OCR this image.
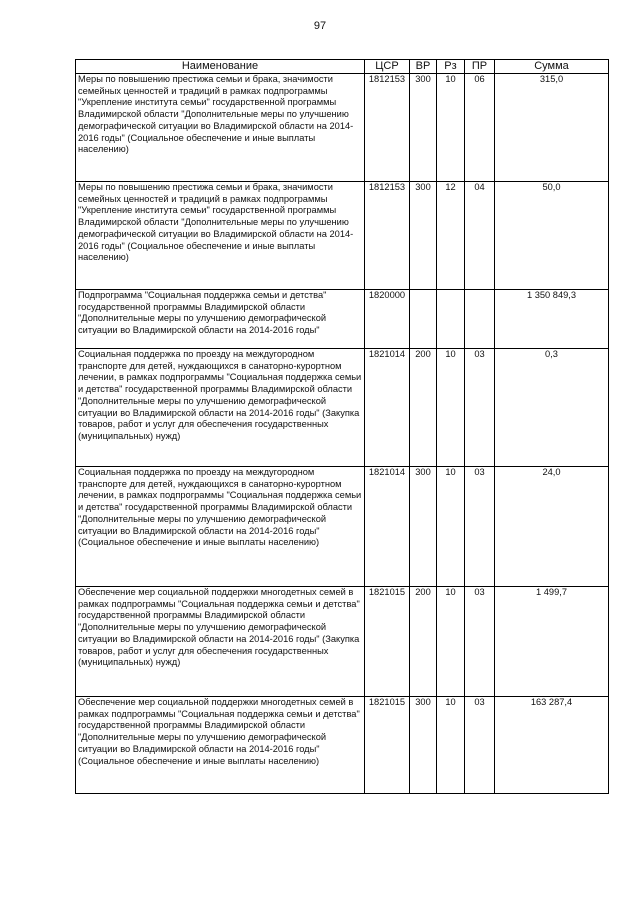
97
Наименование	ЦСР	ВР	Рз	ПР	Сумма
Меры по повышению престижа семьи и брака, значимости семейных ценностей и традиций в рамках подпрограммы "Укрепление института семьи" государственной программы Владимирской области "Дополнительные меры по улучшению демографической ситуации во Владимирской области на 2014-2016 годы" (Социальное обеспечение и иные выплаты населению)	1812153	300	10	06	315,0
Меры по повышению престижа семьи и брака, значимости семейных ценностей и традиций в рамках подпрограммы "Укрепление института семьи" государственной программы Владимирской области "Дополнительные меры по улучшению демографической ситуации во Владимирской области на 2014-2016 годы" (Социальное обеспечение и иные выплаты населению)	1812153	300	12	04	50,0
Подпрограмма "Социальная поддержка семьи и детства" государственной программы Владимирской области "Дополнительные меры по улучшению демографической ситуации во Владимирской области на 2014-2016 годы"	1820000				1 350 849,3
Социальная поддержка по проезду на междугородном транспорте для детей, нуждающихся в санаторно-курортном лечении, в рамках подпрограммы "Социальная поддержка семьи и детства" государственной программы Владимирской области "Дополнительные меры по улучшению демографической ситуации во Владимирской области на 2014-2016 годы" (Закупка товаров, работ и услуг для обеспечения государственных (муниципальных) нужд)	1821014	200	10	03	0,3
Социальная поддержка по проезду на междугородном транспорте для детей, нуждающихся в санаторно-курортном лечении, в рамках подпрограммы "Социальная поддержка семьи и детства" государственной программы Владимирской области "Дополнительные меры по улучшению демографической ситуации во Владимирской области на 2014-2016 годы" (Социальное обеспечение и иные выплаты населению)	1821014	300	10	03	24,0
Обеспечение мер социальной поддержки многодетных семей в рамках подпрограммы "Социальная поддержка семьи и детства" государственной программы Владимирской области "Дополнительные меры по улучшению демографической ситуации во Владимирской области на 2014-2016 годы" (Закупка товаров, работ и услуг для обеспечения государственных (муниципальных) нужд)	1821015	200	10	03	1 499,7
Обеспечение мер социальной поддержки многодетных семей в рамках подпрограммы "Социальная поддержка семьи и детства" государственной программы Владимирской области "Дополнительные меры по улучшению демографической ситуации во Владимирской области на 2014-2016 годы" (Социальное обеспечение и иные выплаты населению)	1821015	300	10	03	163 287,4
